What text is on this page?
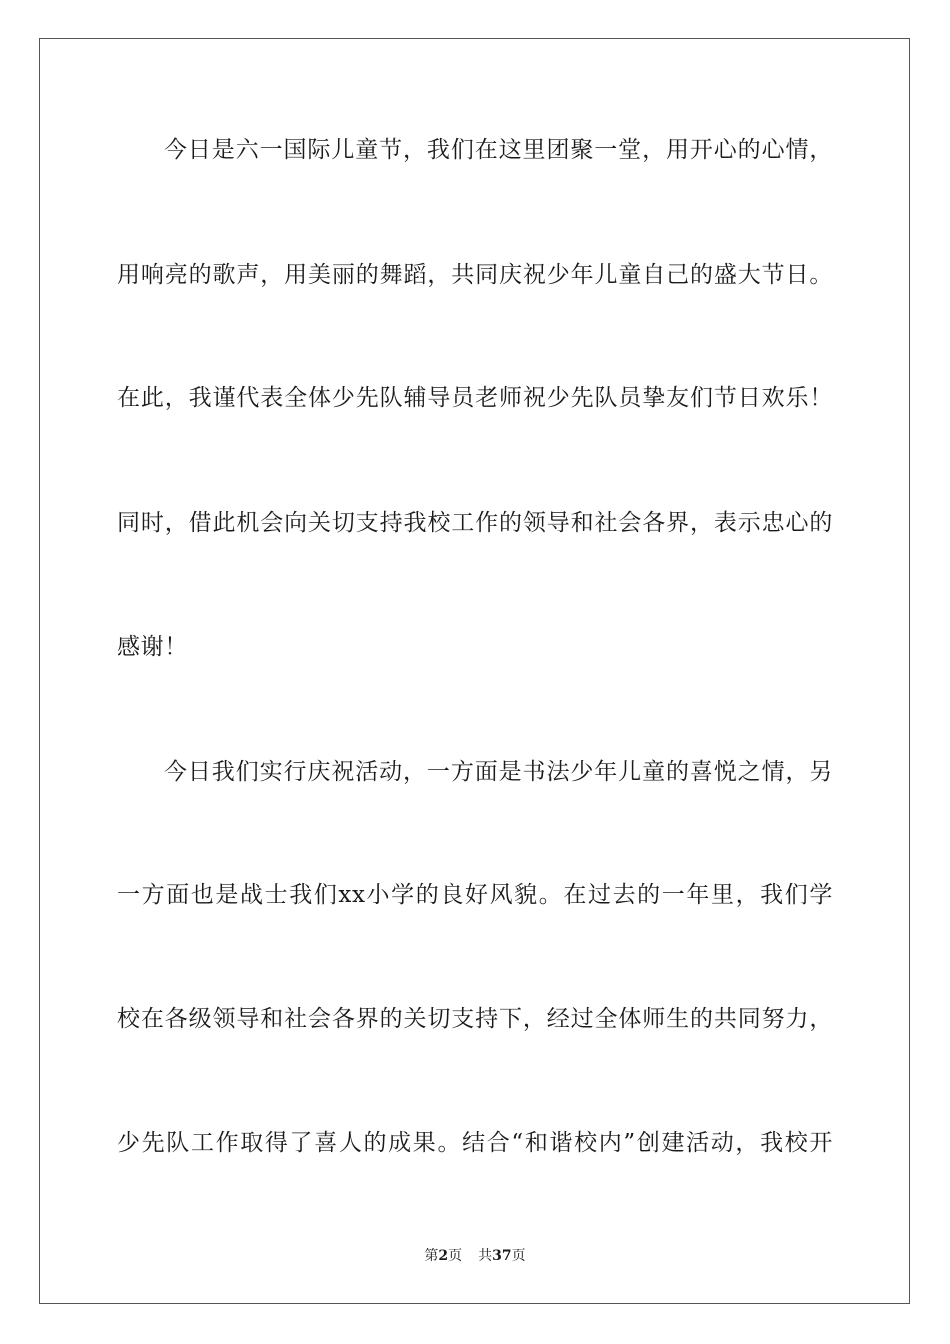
今日是六一国际儿童节，我们在这里团聚一堂，用开心的心情，
用响亮的歌声，用美丽的舞蹈，共同庆祝少年儿童自己的盛大节日。
在此，我谨代表全体少先队辅导员老师祝少先队员挚友们节日欢乐！
同时，借此机会向关切支持我校工作的领导和社会各界，表示忠心的
感谢！
今日我们实行庆祝活动，一方面是书法少年儿童的喜悦之情，另
一方面也是战士我们xx小学的良好风貌。在过去的一年里，我们学
校在各级领导和社会各界的关切支持下，经过全体师生的共同努力，
少先队工作取得了喜人的成果。结合“和谐校内”创建活动，我校开
第2页 共37页
